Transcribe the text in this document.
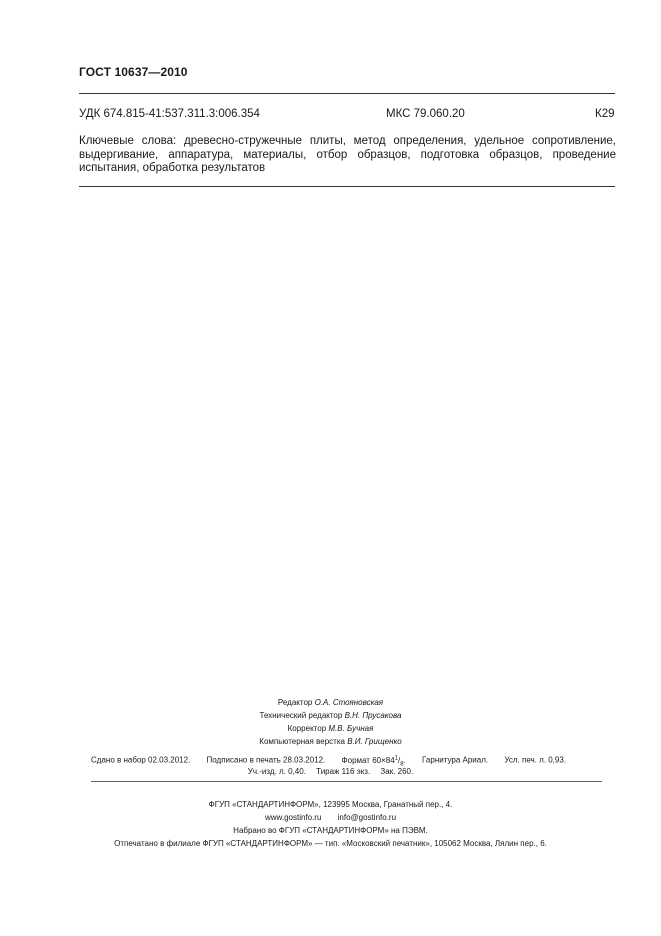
ГОСТ 10637—2010
УДК 674.815-41:537.311.3:006.354	МКС 79.060.20	К29
Ключевые слова: древесно-стружечные плиты, метод определения, удельное сопротивление, выдергивание, аппаратура, материалы, отбор образцов, подготовка образцов, проведение испытания, обработка результатов
Редактор О.А. Стояновская
Технический редактор В.Н. Прусакова
Корректор М.В. Бучная
Компьютерная верстка В.И. Грищенко
Сдано в набор 02.03.2012. Подписано в печать 28.03.2012. Формат $60\times 84^1/_8$. Гарнитура Ариал. Усл. печ. л. 0,93.
Уч.-изд. л. 0,40. Тираж 116 экз. Зак. 260.
ФГУП «СТАНДАРТИНФОРМ», 123995 Москва, Гранатный пер., 4.
www.gostinfo.ru info@gostinfo.ru
Набрано во ФГУП «СТАНДАРТИНФОРМ» на ПЭВМ.
Отпечатано в филиале ФГУП «СТАНДАРТИНФОРМ» — тип. «Московский печатник», 105062 Москва, Лялин пер., 6.
